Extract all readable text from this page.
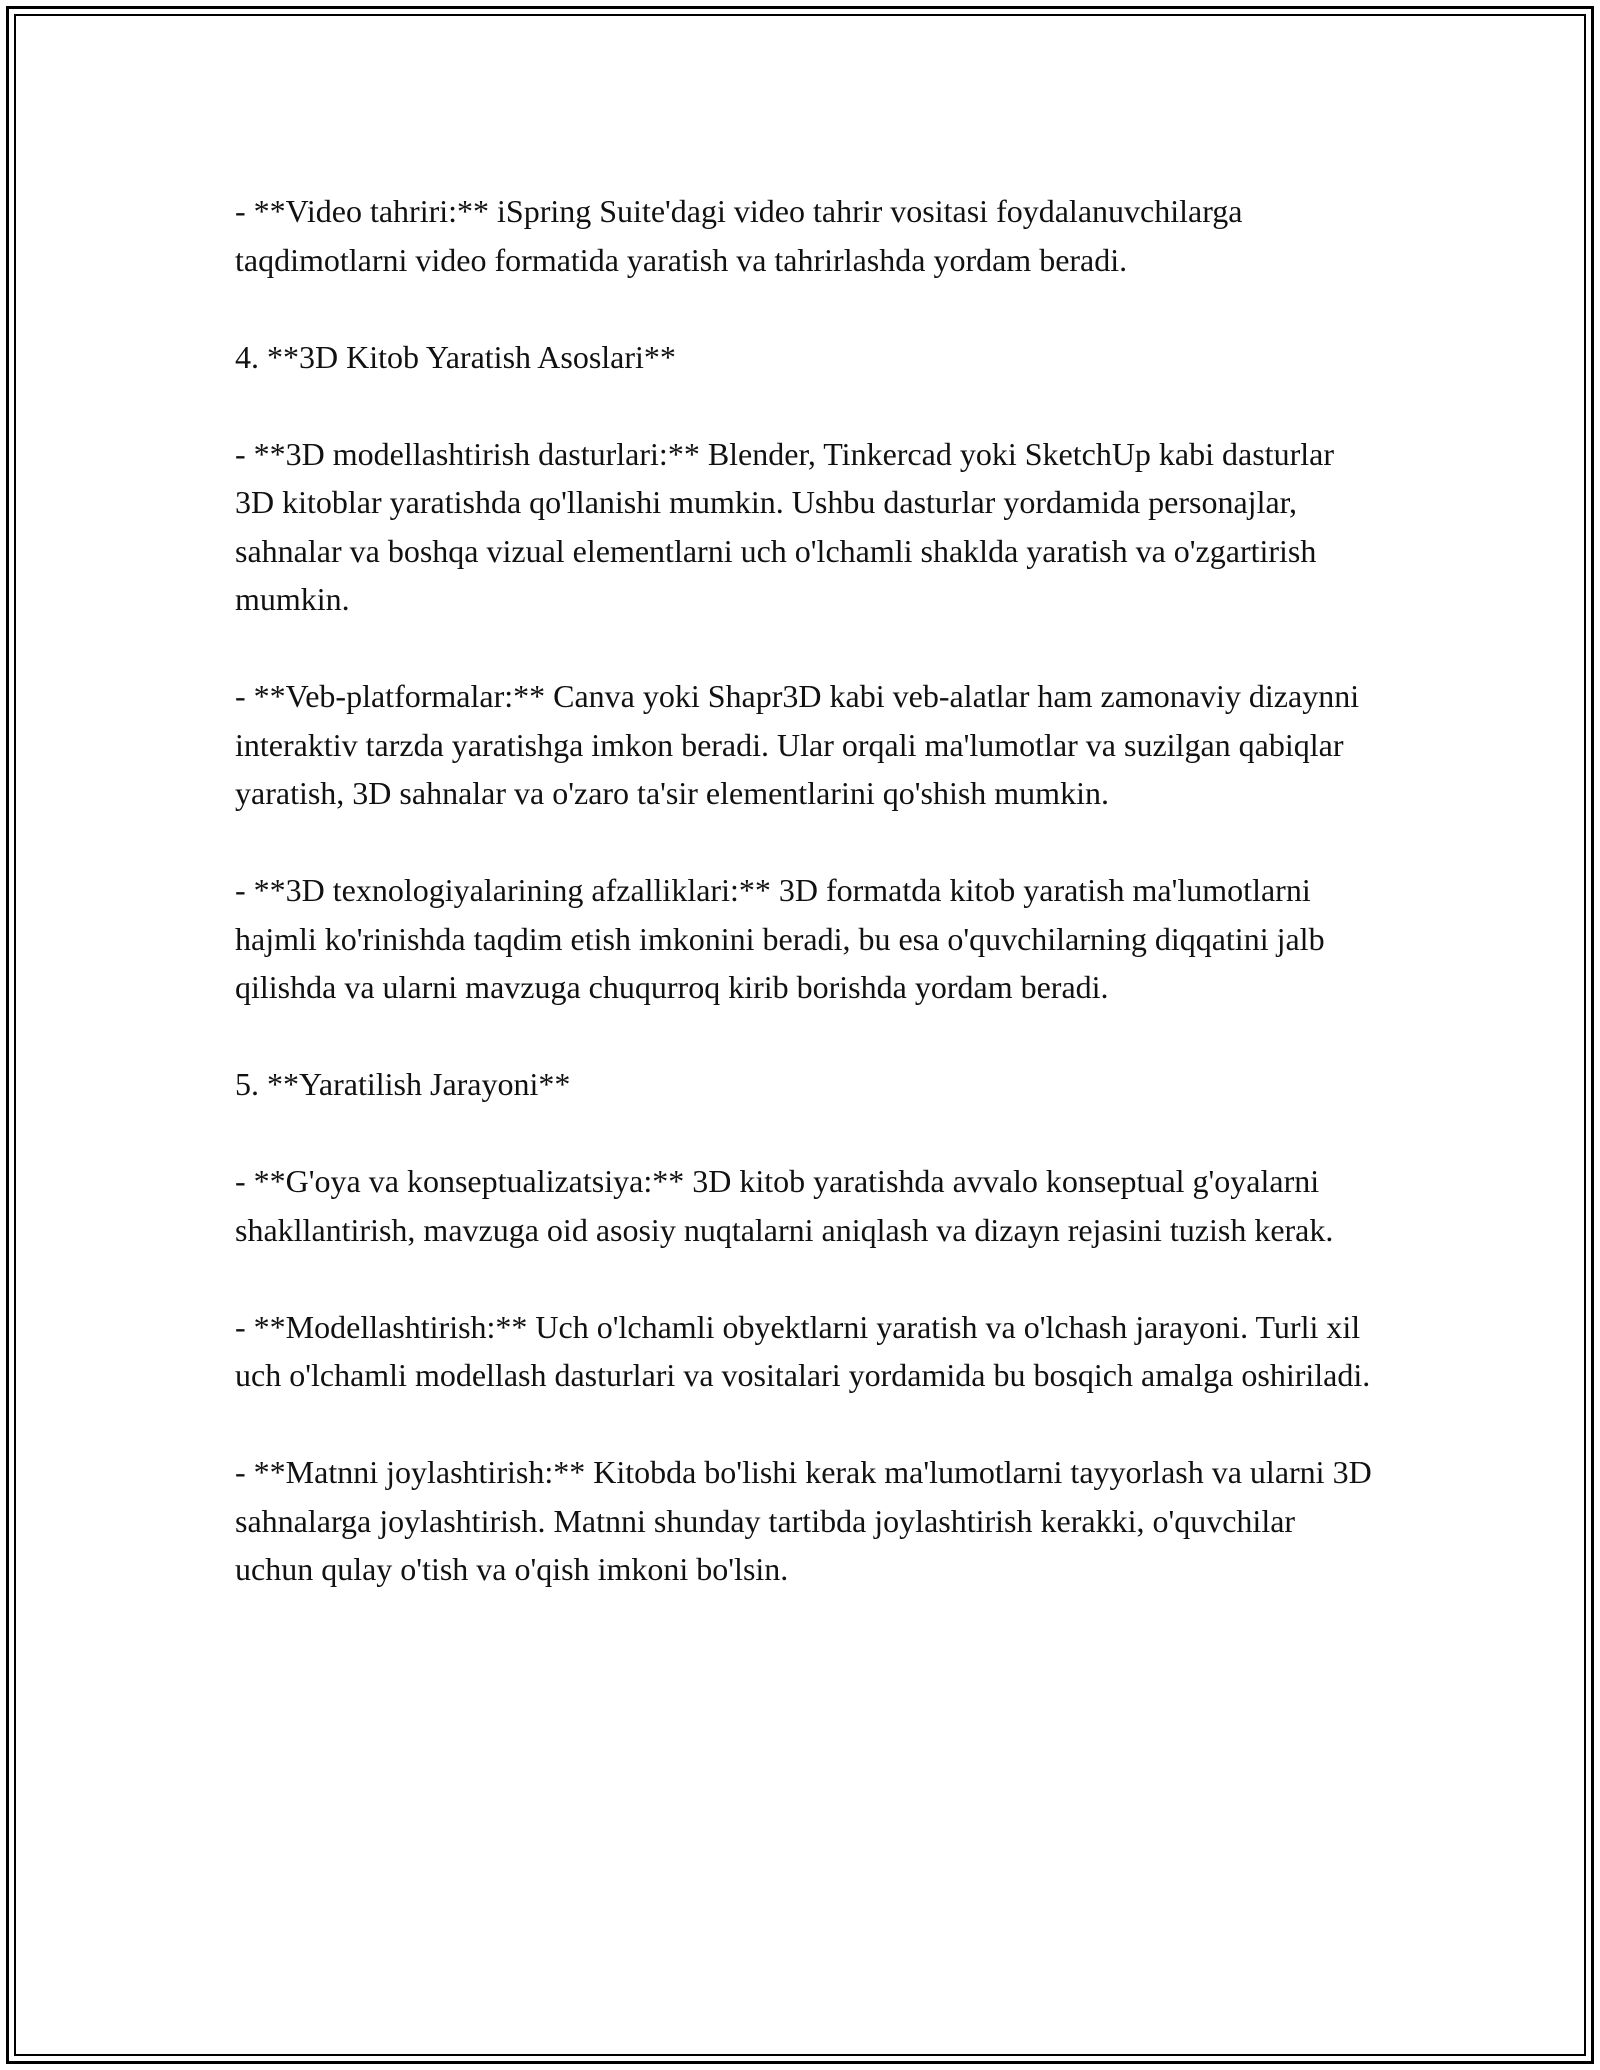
- **Video tahriri:** iSpring Suite'dagi video tahrir vositasi foydalanuvchilarga taqdimotlarni video formatida yaratish va tahrirlashda yordam beradi.

4. **3D Kitob Yaratish Asoslari**

- **3D modellashtirish dasturlari:** Blender, Tinkercad yoki SketchUp kabi dasturlar 3D kitoblar yaratishda qo'llanishi mumkin. Ushbu dasturlar yordamida personajlar, sahnalar va boshqa vizual elementlarni uch o'lchamli shaklda yaratish va o'zgartirish mumkin.

- **Veb-platformalar:** Canva yoki Shapr3D kabi veb-alatlar ham zamonaviy dizaynni interaktiv tarzda yaratishga imkon beradi. Ular orqali ma'lumotlar va suzilgan qabiqlar yaratish, 3D sahnalar va o'zaro ta'sir elementlarini qo'shish mumkin.

- **3D texnologiyalarining afzalliklari:** 3D formatda kitob yaratish ma'lumotlarni hajmli ko'rinishda taqdim etish imkonini beradi, bu esa o'quvchilarning diqqatini jalb qilishda va ularni mavzuga chuqurroq kirib borishda yordam beradi.

5. **Yaratilish Jarayoni**

- **G'oya va konseptualizatsiya:** 3D kitob yaratishda avvalo konseptual g'oyalarni shakllantirish, mavzuga oid asosiy nuqtalarni aniqlash va dizayn rejasini tuzish kerak.

- **Modellashtirish:** Uch o'lchamli obyektlarni yaratish va o'lchash jarayoni. Turli xil uch o'lchamli modellash dasturlari va vositalari yordamida bu bosqich amalga oshiriladi.

- **Matnni joylashtirish:** Kitobda bo'lishi kerak ma'lumotlarni tayyorlash va ularni 3D sahnalarga joylashtirish. Matnni shunday tartibda joylashtirish kerakki, o'quvchilar uchun qulay o'tish va o'qish imkoni bo'lsin.
